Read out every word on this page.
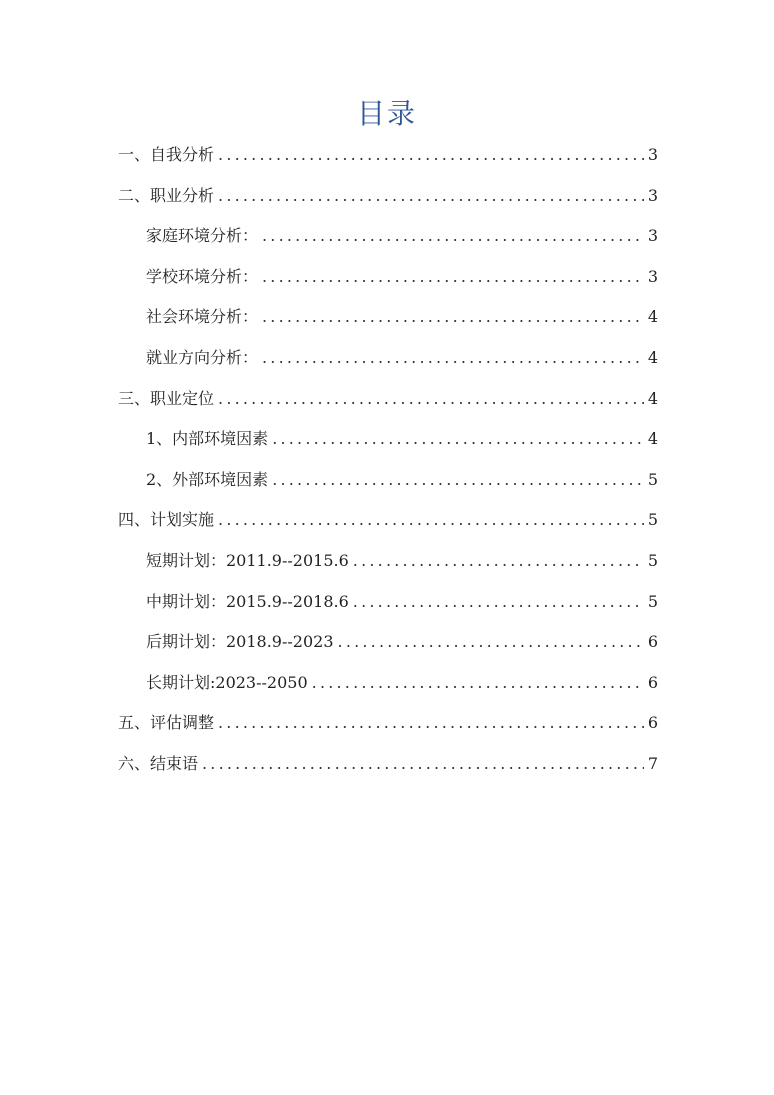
目录
一、 自我分析 .....	3
二、 职业分析 .....	3
家庭环境分析： .....	3
学校环境分析： .....	3
社会环境分析： .....	4
就业方向分析： .....	4
三、 职业定位 .....	4
1、内部环境因素 .....	4
2、外部环境因素 .....	5
四、 计划实施 .....	5
短期计划：2011.9--2015.6 .....	5
中期计划：2015.9--2018.6 .....	5
后期计划：2018.9--2023 .....	6
长期计划:2023--2050 .....	6
五、评估调整 .....	6
六、结束语 .....	7
